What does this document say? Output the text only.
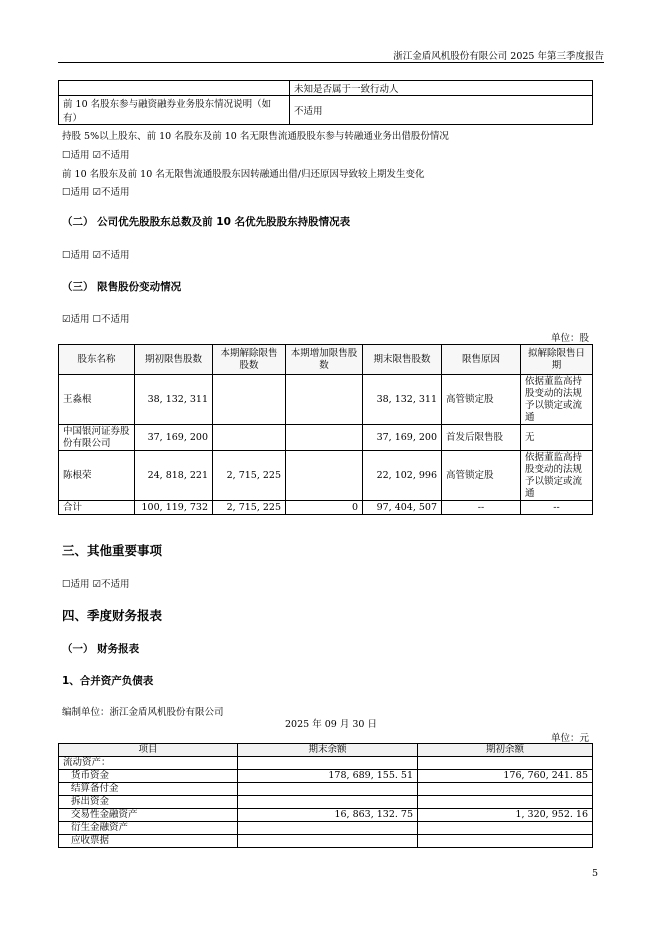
浙江金盾风机股份有限公司 2025 年第三季度报告
	未知是否属于一致行动人
前 10 名股东参与融资融券业务股东情况说明（如有）	不适用
持股 5%以上股东、前 10 名股东及前 10 名无限售流通股股东参与转融通业务出借股份情况
☐适用 ☑不适用
前 10 名股东及前 10 名无限售流通股股东因转融通出借/归还原因导致较上期发生变化
☐适用 ☑不适用
（二） 公司优先股股东总数及前 10 名优先股股东持股情况表
☐适用 ☑不适用
（三） 限售股份变动情况
☑适用 ☐不适用
单位：股
股东名称	期初限售股数	本期解除限售股数	本期增加限售股数	期末限售股数	限售原因	拟解除限售日期
王淼根	38, 132, 311			38, 132, 311	高管锁定股	依据董监高持股变动的法规予以锁定或流通
中国银河证券股份有限公司	37, 169, 200			37, 169, 200	首发后限售股	无
陈根荣	24, 818, 221	2, 715, 225		22, 102, 996	高管锁定股	依据董监高持股变动的法规予以锁定或流通
合计	100, 119, 732	2, 715, 225	0	97, 404, 507	--	--
三、其他重要事项
☐适用 ☑不适用
四、季度财务报表
（一） 财务报表
1、合并资产负债表
编制单位：浙江金盾风机股份有限公司
2025 年 09 月 30 日
单位：元
项目	期末余额	期初余额
流动资产：		
货币资金	178, 689, 155. 51	176, 760, 241. 85
结算备付金		
拆出资金		
交易性金融资产	16, 863, 132. 75	1, 320, 952. 16
衍生金融资产		
应收票据		
5
